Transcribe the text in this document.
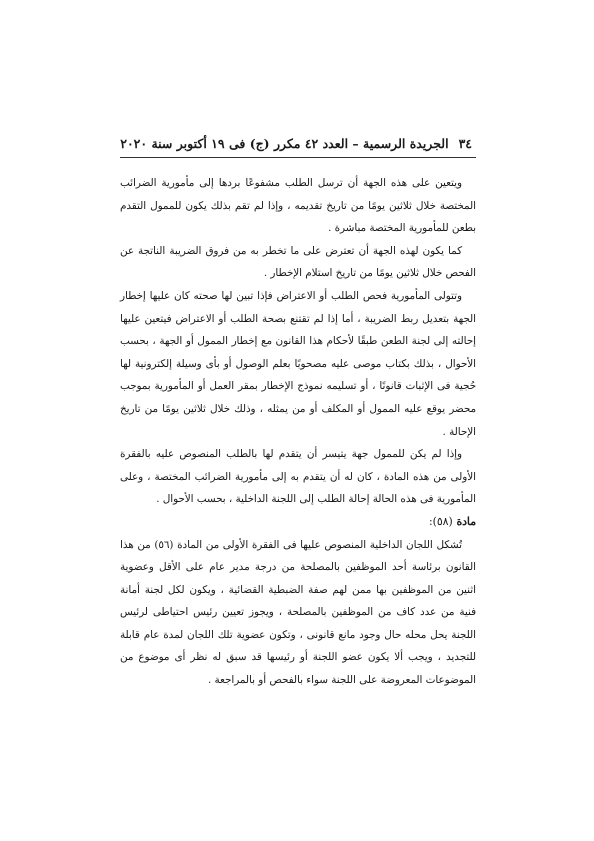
٣٤
الجريدة الرسمية – العدد ٤٢ مكرر (ج) فى ١٩ أكتوبر سنة ٢٠٢٠

ويتعين على هذه الجهة أن ترسل الطلب مشفوعًا بردها إلى مأمورية الضرائب المختصة خلال ثلاثين يومًا من تاريخ تقديمه ، وإذا لم تقم بذلك يكون للممول التقدم بطعن للمأمورية المختصة مباشرة .

كما يكون لهذه الجهة أن تعترض على ما تخطر به من فروق الضريبة الناتجة عن الفحص خلال ثلاثين يومًا من تاريخ استلام الإخطار .

وتتولى المأمورية فحص الطلب أو الاعتراض فإذا تبين لها صحته كان عليها إخطار الجهة بتعديل ربط الضريبة ، أما إذا لم تقتنع بصحة الطلب أو الاعتراض فيتعين عليها إحالته إلى لجنة الطعن طبقًا لأحكام هذا القانون مع إخطار الممول أو الجهة ، بحسب الأحوال ، بذلك بكتاب موصى عليه مصحوبًا بعلم الوصول أو بأى وسيلة إلكترونية لها حُجية فى الإثبات قانونًا ، أو تسليمه نموذج الإخطار بمقر العمل أو المأمورية بموجب محضر يوقع عليه الممول أو المكلف أو من يمثله ، وذلك خلال ثلاثين يومًا من تاريخ الإحالة .

وإذا لم يكن للممول جهة يتيسر أن يتقدم لها بالطلب المنصوص عليه بالفقرة الأولى من هذه المادة ، كان له أن يتقدم به إلى مأمورية الضرائب المختصة ، وعلى المأمورية فى هذه الحالة إحالة الطلب إلى اللجنة الداخلية ، بحسب الأحوال .

مادة (٥٨):

تُشكل اللجان الداخلية المنصوص عليها فى الفقرة الأولى من المادة (٥٦) من هذا القانون برئاسة أحد الموظفين بالمصلحة من درجة مدير عام على الأقل وعضوية اثنين من الموظفين بها ممن لهم صفة الضبطية القضائية ، ويكون لكل لجنة أمانة فنية من عدد كاف من الموظفين بالمصلحة ، ويجوز تعيين رئيس احتياطى لرئيس اللجنة يحل محله حال وجود مانع قانونى ، وتكون عضوية تلك اللجان لمدة عام قابلة للتجديد ، ويجب ألا يكون عضو اللجنة أو رئيسها قد سبق له نظر أى موضوع من الموضوعات المعروضة على اللجنة سواء بالفحص أو بالمراجعة .
